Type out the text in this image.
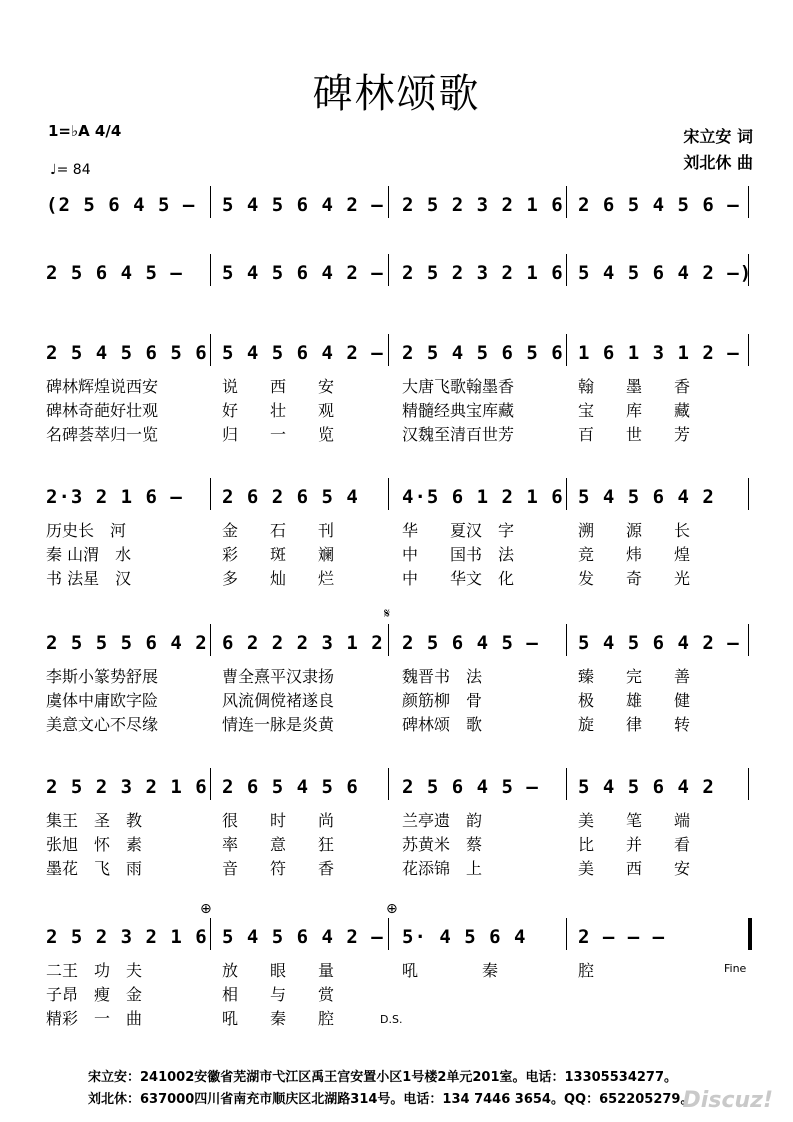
碑林颂歌
1=♭A 4/4
♩= 84
宋立安 词
刘北休 曲
(2 5 6 4 5 – 5 4 5 6 4 2 – 2 5 2 3 2 1 6 2 6 5 4 5 6 –
2 5 6 4 5 – 5 4 5 6 4 2 – 2 5 2 3 2 1 6 5 4 5 6 4 2 –)
2 5 4 5 6 5 6 5 4 5 6 4 2 – 2 5 4 5 6 5 6 1 6 1 3 1 2 –
碑林辉煌说西安	说　　西　　安	大唐飞歌翰墨香	翰　　墨　　香
碑林奇葩好壮观	好　　壮　　观	精髓经典宝库藏	宝　　库　　藏
名碑荟萃归一览	归　　一　　览	汉魏至清百世芳	百　　世　　芳
2·3 2 1 6 – 2 6 2 6 5 4 4·5 6 1 2 1 6 5 4 5 6 4 2
历史长　河	金　　石　　刊	华　　夏汉　字	溯　　源　　长
秦 山渭　水	彩　　斑　　斓	中　　国书　法	竞　　炜　　煌
书 法星　汉	多　　灿　　烂	中　　华文　化	发　　奇　　光
2 5 5 5 6 4 2 6 2 2 2 3 1 2 2 5 6 4 5 – 5 4 5 6 4 2 –
李斯小篆势舒展	曹全熹平汉隶扬	魏晋书　法	臻　　完　　善
虞体中庸欧字险	风流倜傥褚遂良	颜筋柳　骨	极　　雄　　健
美意文心不尽缘	情连一脉是炎黄	碑林颂　歌	旋　　律　　转
2 5 2 3 2 1 6 2 6 5 4 5 6 2 5 6 4 5 – 5 4 5 6 4 2
集王　圣　教	很　　时　　尚	兰亭遗　韵	美　　笔　　端
张旭　怀　素	率　　意　　狂	苏黄米　蔡	比　　并　　看
墨花　飞　雨	音　　符　　香	花添锦　上	美　　西　　安
2 5 2 3 2 1 6 5 4 5 6 4 2 – 5· 4 5 6 4	2 – – –
二王　功　夫	放　　眼　　量	吼　　　　秦	腔
子昂　瘦　金	相　　与　　赏
精彩　一　曲	吼　　秦　　腔
𝄋
⊕	⊕
Fine
D.S.
宋立安：241002安徽省芜湖市弋江区禹王宫安置小区1号楼2单元201室。电话：13305534277。
刘北休：637000四川省南充市顺庆区北湖路314号。电话：134 7446 3654。QQ：652205279。
Discuz!
